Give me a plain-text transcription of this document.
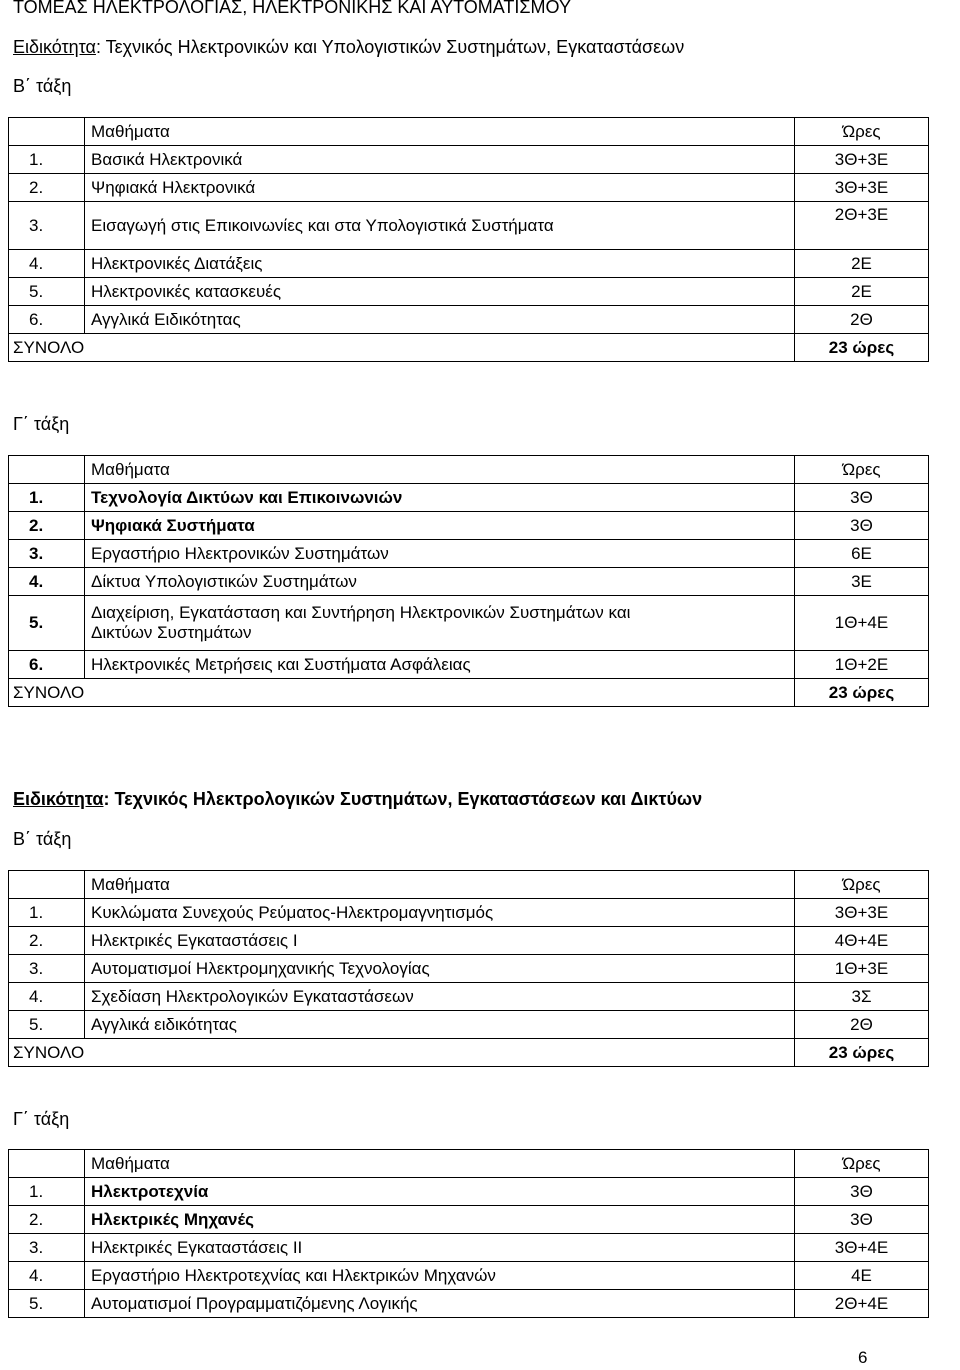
ΤΟΜΕΑΣ ΗΛΕΚΤΡΟΛΟΓΙΑΣ, ΗΛΕΚΤΡΟΝΙΚΗΣ ΚΑΙ ΑΥΤΟΜΑΤΙΣΜΟΥ
Ειδικότητα: Τεχνικός Ηλεκτρονικών και Υπολογιστικών Συστημάτων, Εγκαταστάσεων
Β΄ τάξη
	Μαθήματα	Ώρες
1.	Βασικά Ηλεκτρονικά	3Θ+3Ε
2.	Ψηφιακά Ηλεκτρονικά	3Θ+3Ε
3.	Εισαγωγή στις Επικοινωνίες και στα Υπολογιστικά Συστήματα	2Θ+3Ε
4.	Ηλεκτρονικές Διατάξεις	2Ε
5.	Ηλεκτρονικές κατασκευές	2Ε
6.	Αγγλικά Ειδικότητας	2Θ
ΣΥΝΟΛΟ		23 ώρες
Γ΄ τάξη
	Μαθήματα	Ώρες
1.	Τεχνολογία Δικτύων και Επικοινωνιών	3Θ
2.	Ψηφιακά Συστήματα	3Θ
3.	Εργαστήριο Ηλεκτρονικών Συστημάτων	6Ε
4.	Δίκτυα Υπολογιστικών Συστημάτων	3Ε
5.	Διαχείριση, Εγκατάσταση και Συντήρηση Ηλεκτρονικών Συστημάτων και
Δικτύων Συστημάτων	1Θ+4Ε
6.	Ηλεκτρονικές Μετρήσεις και Συστήματα Ασφάλειας	1Θ+2Ε
ΣΥΝΟΛΟ		23 ώρες
Ειδικότητα: Τεχνικός Ηλεκτρολογικών Συστημάτων, Εγκαταστάσεων και Δικτύων
Β΄ τάξη
	Μαθήματα	Ώρες
1.	Κυκλώματα Συνεχούς Ρεύματος-Ηλεκτρομαγνητισμός	3Θ+3Ε
2.	Ηλεκτρικές Εγκαταστάσεις Ι	4Θ+4Ε
3.	Αυτοματισμοί Ηλεκτρομηχανικής Τεχνολογίας	1Θ+3Ε
4.	Σχεδίαση Ηλεκτρολογικών Εγκαταστάσεων	3Σ
5.	Αγγλικά ειδικότητας	2Θ
ΣΥΝΟΛΟ		23 ώρες
Γ΄ τάξη
	Μαθήματα	Ώρες
1.	Ηλεκτροτεχνία	3Θ
2.	Ηλεκτρικές Μηχανές	3Θ
3.	Ηλεκτρικές Εγκαταστάσεις ΙΙ	3Θ+4Ε
4.	Εργαστήριο Ηλεκτροτεχνίας και Ηλεκτρικών Μηχανών	4Ε
5.	Αυτοματισμοί Προγραμματιζόμενης Λογικής	2Θ+4Ε
6
